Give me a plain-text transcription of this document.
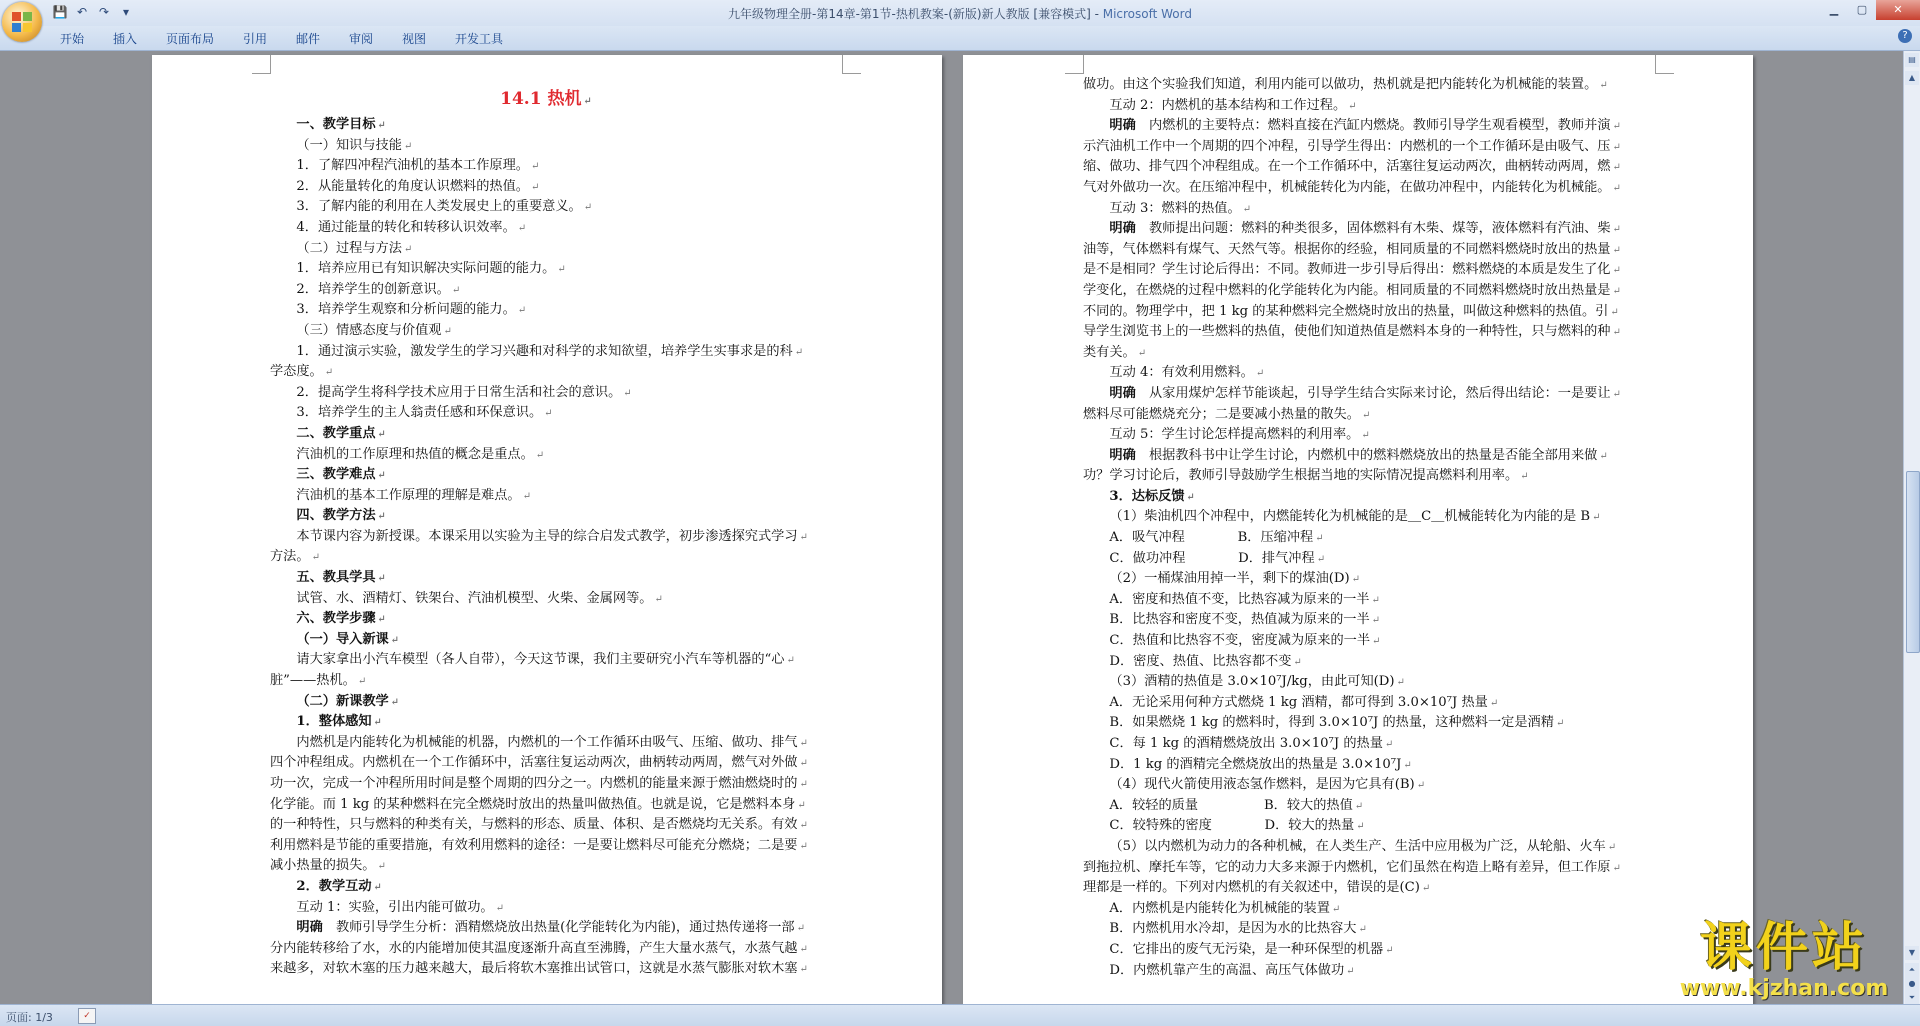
💾 ↶ ↷	▾	九年级物理全册-第14章-第1节-热机教案-(新版)新人教版 [兼容模式] - Microsoft Word	▁	▢	✕
开始 插入 页面布局 引用 邮件 审阅 视图 开发工具	?
14.1 热机 ↵
一、教学目标 ↵
（一）知识与技能 ↵
1．了解四冲程汽油机的基本工作原理。 ↵
2．从能量转化的角度认识燃料的热值。 ↵
3．了解内能的利用在人类发展史上的重要意义。 ↵
4．通过能量的转化和转移认识效率。 ↵
（二）过程与方法 ↵
1．培养应用已有知识解决实际问题的能力。 ↵
2．培养学生的创新意识。 ↵
3．培养学生观察和分析问题的能力。 ↵
（三）情感态度与价值观 ↵
1．通过演示实验，激发学生的学习兴趣和对科学的求知欲望，培养学生实事求是的科 ↵
学态度。 ↵
2．提高学生将科学技术应用于日常生活和社会的意识。 ↵
3．培养学生的主人翁责任感和环保意识。 ↵
二、教学重点 ↵
汽油机的工作原理和热值的概念是重点。 ↵
三、教学难点 ↵
汽油机的基本工作原理的理解是难点。 ↵
四、教学方法 ↵
本节课内容为新授课。本课采用以实验为主导的综合启发式教学，初步渗透探究式学习 ↵
方法。 ↵
五、教具学具 ↵
试管、水、酒精灯、铁架台、汽油机模型、火柴、金属网等。 ↵
六、教学步骤 ↵
（一）导入新课 ↵
请大家拿出小汽车模型（各人自带），今天这节课，我们主要研究小汽车等机器的“心 ↵
脏”——热机。 ↵
（二）新课教学 ↵
1．整体感知 ↵
内燃机是内能转化为机械能的机器，内燃机的一个工作循环由吸气、压缩、做功、排气 ↵
四个冲程组成。内燃机在一个工作循环中，活塞往复运动两次，曲柄转动两周，燃气对外做 ↵
功一次，完成一个冲程所用时间是整个周期的四分之一。内燃机的能量来源于燃油燃烧时的 ↵
化学能。而 1 kg 的某种燃料在完全燃烧时放出的热量叫做热值。也就是说，它是燃料本身 ↵
的一种特性，只与燃料的种类有关，与燃料的形态、质量、体积、是否燃烧均无关系。有效 ↵
利用燃料是节能的重要措施，有效利用燃料的途径：一是要让燃料尽可能充分燃烧；二是要 ↵
减小热量的损失。 ↵
2．教学互动 ↵
互动 1：实验，引出内能可做功。 ↵
明确　教师引导学生分析：酒精燃烧放出热量(化学能转化为内能)，通过热传递将一部 ↵
分内能转移给了水，水的内能增加使其温度逐渐升高直至沸腾，产生大量水蒸气，水蒸气越 ↵
来越多，对软木塞的压力越来越大，最后将软木塞推出试管口，这就是水蒸气膨胀对软木塞 ↵
做功。由这个实验我们知道，利用内能可以做功，热机就是把内能转化为机械能的装置。 ↵
互动 2：内燃机的基本结构和工作过程。 ↵
明确　内燃机的主要特点：燃料直接在汽缸内燃烧。教师引导学生观看模型，教师并演 ↵
示汽油机工作中一个周期的四个冲程，引导学生得出：内燃机的一个工作循环是由吸气、压 ↵
缩、做功、排气四个冲程组成。在一个工作循环中，活塞往复运动两次，曲柄转动两周，燃 ↵
气对外做功一次。在压缩冲程中，机械能转化为内能，在做功冲程中，内能转化为机械能。 ↵
互动 3：燃料的热值。 ↵
明确　教师提出问题：燃料的种类很多，固体燃料有木柴、煤等，液体燃料有汽油、柴 ↵
油等，气体燃料有煤气、天然气等。根据你的经验，相同质量的不同燃料燃烧时放出的热量 ↵
是不是相同？学生讨论后得出：不同。教师进一步引导后得出：燃料燃烧的本质是发生了化 ↵
学变化，在燃烧的过程中燃料的化学能转化为内能。相同质量的不同燃料燃烧时放出热量是 ↵
不同的。物理学中，把 1 kg 的某种燃料完全燃烧时放出的热量，叫做这种燃料的热值。引 ↵
导学生浏览书上的一些燃料的热值，使他们知道热值是燃料本身的一种特性，只与燃料的种 ↵
类有关。 ↵
互动 4：有效利用燃料。 ↵
明确　从家用煤炉怎样节能谈起，引导学生结合实际来讨论，然后得出结论：一是要让 ↵
燃料尽可能燃烧充分；二是要减小热量的散失。 ↵
互动 5：学生讨论怎样提高燃料的利用率。 ↵
明确　根据教科书中让学生讨论，内燃机中的燃料燃烧放出的热量是否能全部用来做 ↵
功？学习讨论后，教师引导鼓励学生根据当地的实际情况提高燃料利用率。 ↵
3．达标反馈 ↵
（1）柴油机四个冲程中，内燃能转化为机械能的是＿C＿机械能转化为内能的是 B ↵
A．吸气冲程　　　　B．压缩冲程 ↵
C．做功冲程　　　　D．排气冲程 ↵
（2）一桶煤油用掉一半，剩下的煤油(D) ↵
A．密度和热值不变，比热容减为原来的一半 ↵
B．比热容和密度不变，热值减为原来的一半 ↵
C．热值和比热容不变，密度减为原来的一半 ↵
D．密度、热值、比热容都不变 ↵
（3）酒精的热值是 3.0×10⁷J/kg，由此可知(D) ↵
A．无论采用何种方式燃烧 1 kg 酒精，都可得到 3.0×10⁷J 热量 ↵
B．如果燃烧 1 kg 的燃料时，得到 3.0×10⁷J 的热量，这种燃料一定是酒精 ↵
C．每 1 kg 的酒精燃烧放出 3.0×10⁷J 的热量 ↵
D．1 kg 的酒精完全燃烧放出的热量是 3.0×10⁷J ↵
（4）现代火箭使用液态氢作燃料，是因为它具有(B) ↵
A．较轻的质量　　　　　B．较大的热值 ↵
C．较特殊的密度　　　　D．较大的热量 ↵
（5）以内燃机为动力的各种机械，在人类生产、生活中应用极为广泛，从轮船、火车 ↵
到拖拉机、摩托车等，它的动力大多来源于内燃机，它们虽然在构造上略有差异，但工作原 ↵
理都是一样的。下列对内燃机的有关叙述中，错误的是(C) ↵
A．内燃机是内能转化为机械能的装置 ↵
B．内燃机用水冷却，是因为水的比热容大 ↵
C．它排出的废气无污染，是一种环保型的机器 ↵
D．内燃机靠产生的高温、高压气体做功 ↵
▤
▲
▼
⏶
●
⏷
页面: 1/3	✓
课件站
www.kjzhan.com
